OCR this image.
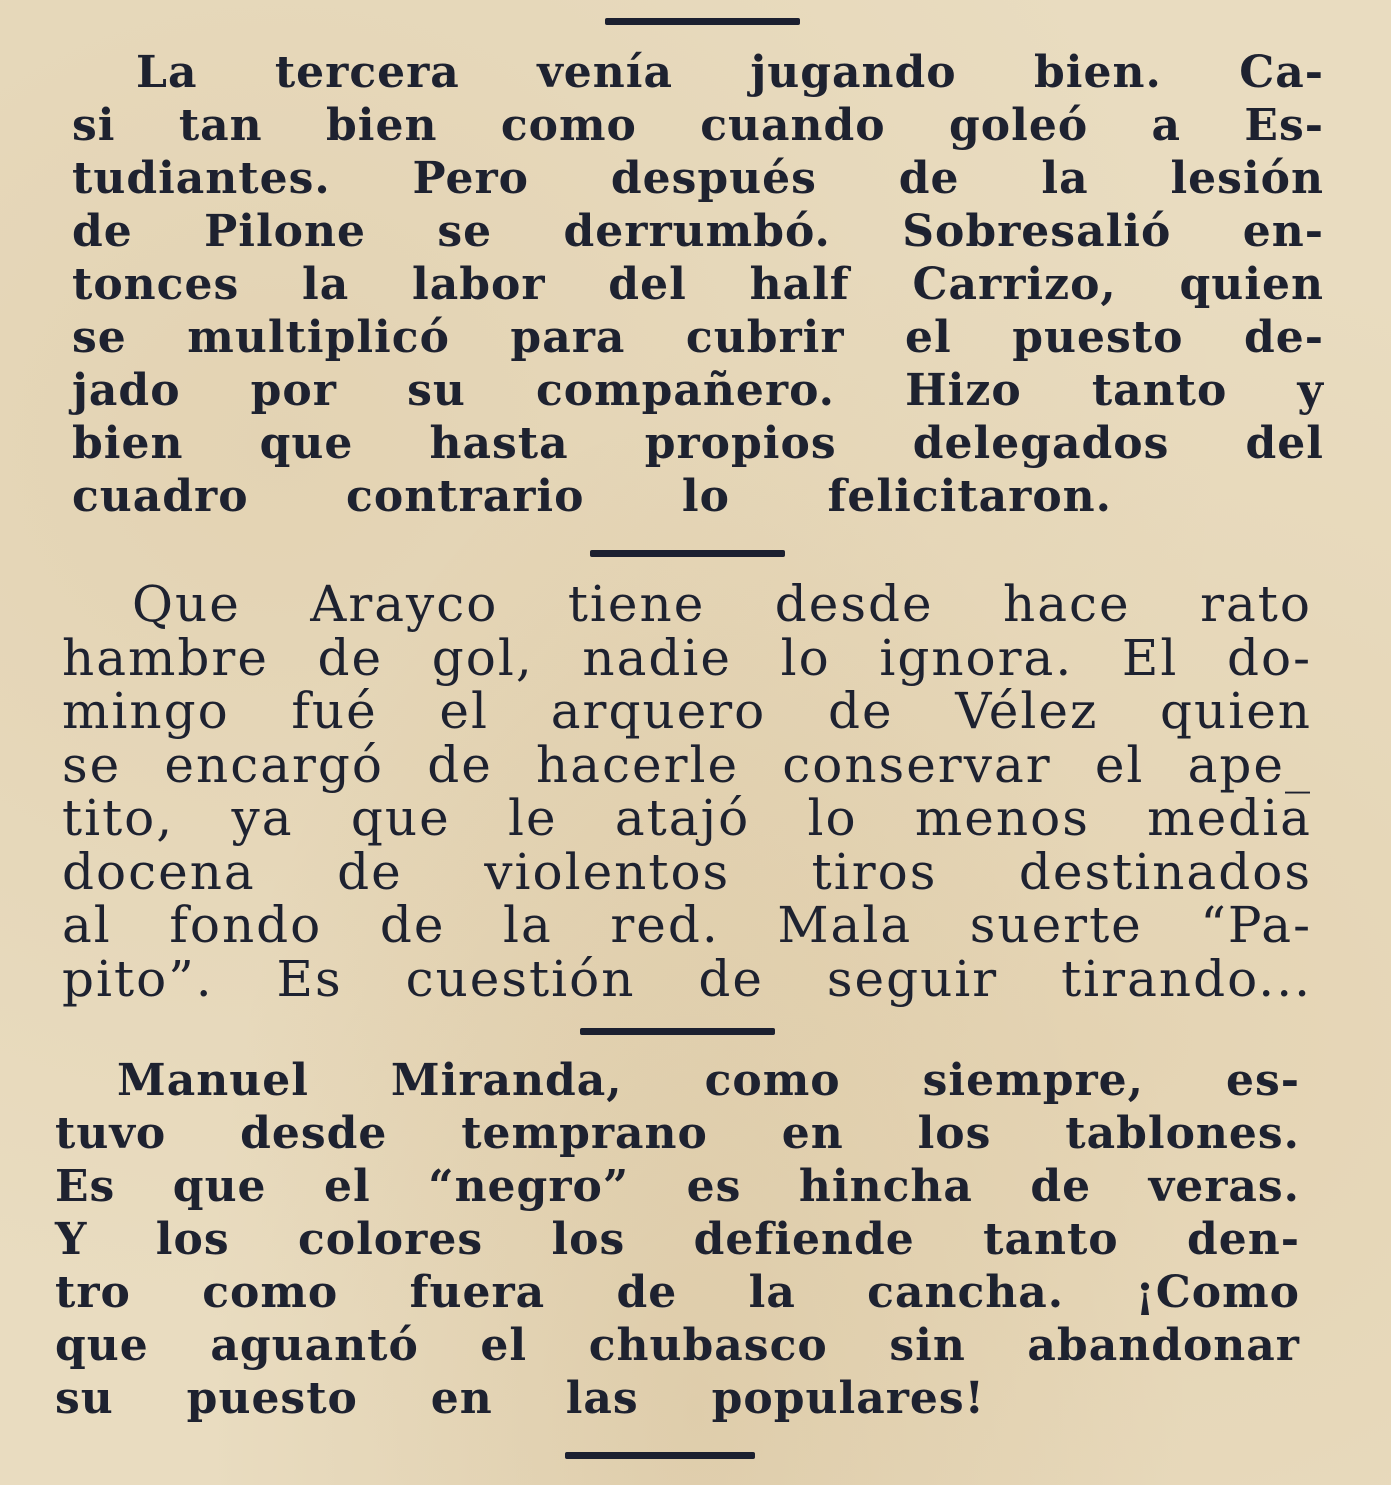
La tercera venía jugando bien. Ca-
si tan bien como cuando goleó a Es-
tudiantes. Pero después de la lesión
de Pilone se derrumbó. Sobresalió en-
tonces la labor del half Carrizo, quien
se multiplicó para cubrir el puesto de-
jado por su compañero. Hizo tanto y
bien que hasta propios delegados del
cuadro contrario lo felicitaron.
Que Arayco tiene desde hace rato
hambre de gol, nadie lo ignora. El do-
mingo fué el arquero de Vélez quien
se encargó de hacerle conservar el ape_
tito, ya que le atajó lo menos media
docena de violentos tiros destinados
al fondo de la red. Mala suerte “Pa-
pito”. Es cuestión de seguir tirando...
Manuel Miranda, como siempre, es-
tuvo desde temprano en los tablones.
Es que el “negro” es hincha de veras.
Y los colores los defiende tanto den-
tro como fuera de la cancha. ¡Como
que aguantó el chubasco sin abandonar
su puesto en las populares!
